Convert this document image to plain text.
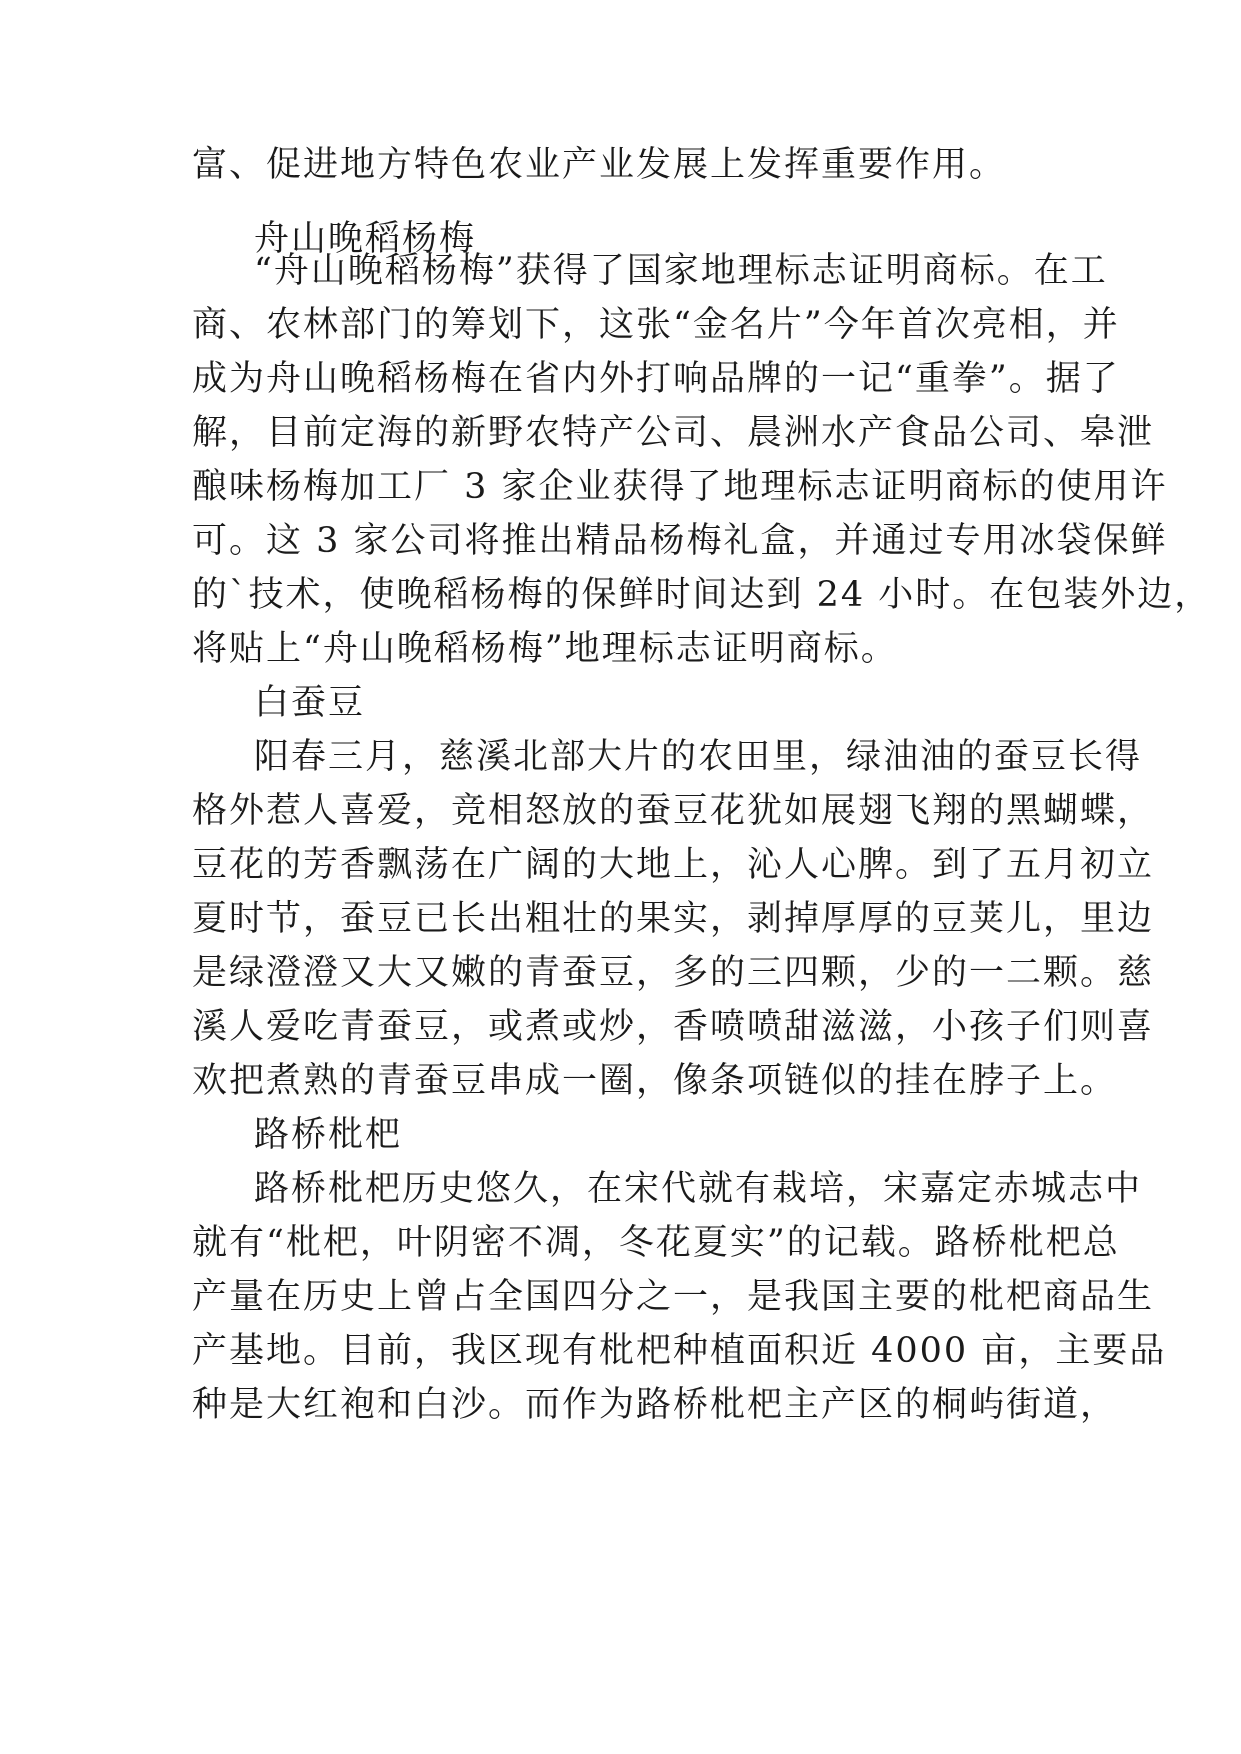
富、促进地方特色农业产业发展上发挥重要作用。
舟山晚稻杨梅
“舟山晚稻杨梅”获得了国家地理标志证明商标。在工
商、农林部门的筹划下，这张“金名片”今年首次亮相，并
成为舟山晚稻杨梅在省内外打响品牌的一记“重拳”。据了
解，目前定海的新野农特产公司、晨洲水产食品公司、皋泄
酿味杨梅加工厂 3 家企业获得了地理标志证明商标的使用许
可。这 3 家公司将推出精品杨梅礼盒，并通过专用冰袋保鲜
的`技术，使晚稻杨梅的保鲜时间达到 24 小时。在包装外边，
将贴上“舟山晚稻杨梅”地理标志证明商标。
白蚕豆
阳春三月，慈溪北部大片的农田里，绿油油的蚕豆长得
格外惹人喜爱，竞相怒放的蚕豆花犹如展翅飞翔的黑蝴蝶，
豆花的芳香飘荡在广阔的大地上，沁人心脾。到了五月初立
夏时节，蚕豆已长出粗壮的果实，剥掉厚厚的豆荚儿，里边
是绿澄澄又大又嫩的青蚕豆，多的三四颗，少的一二颗。慈
溪人爱吃青蚕豆，或煮或炒，香喷喷甜滋滋，小孩子们则喜
欢把煮熟的青蚕豆串成一圈，像条项链似的挂在脖子上。
路桥枇杷
路桥枇杷历史悠久，在宋代就有栽培，宋嘉定赤城志中
就有“枇杷，叶阴密不凋，冬花夏实”的记载。路桥枇杷总
产量在历史上曾占全国四分之一，是我国主要的枇杷商品生
产基地。目前，我区现有枇杷种植面积近 4000 亩，主要品
种是大红袍和白沙。而作为路桥枇杷主产区的桐屿街道，
